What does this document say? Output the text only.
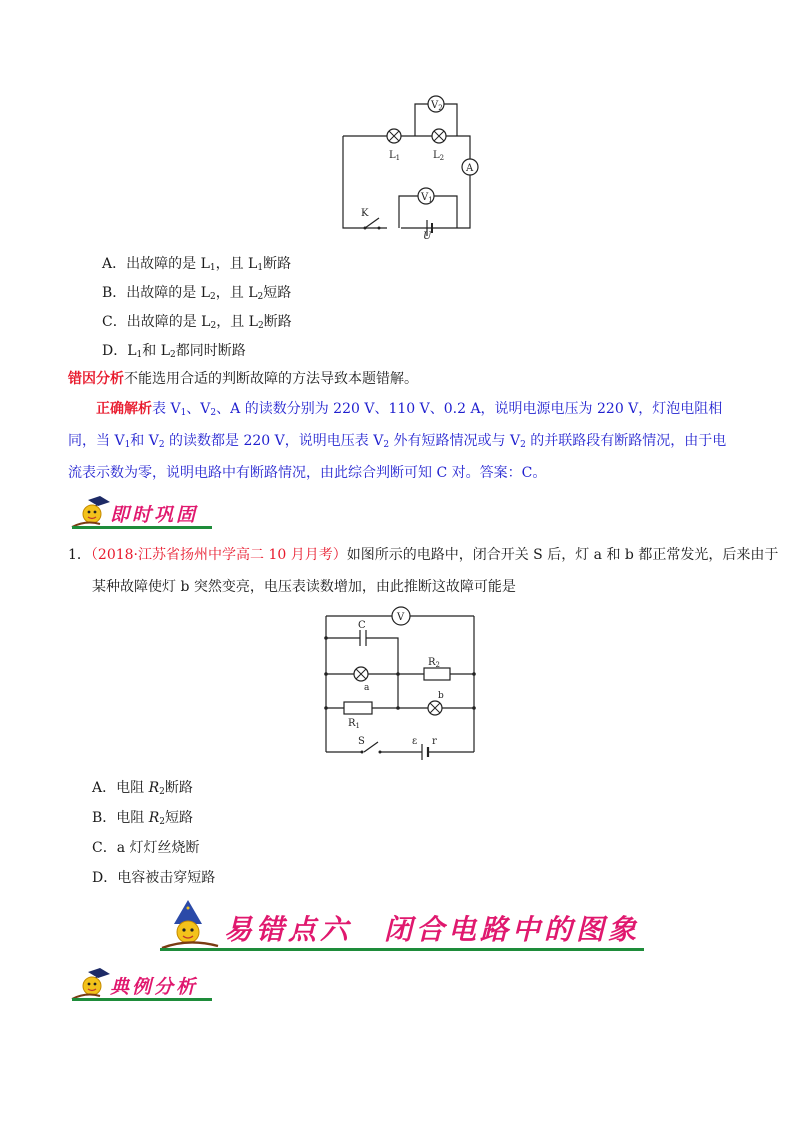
$V_2$
A
$V_1$
$L_1$	$L_2$
K
U
A．出故障的是 $L_1$，且 $L_1$断路
B．出故障的是 $L_2$，且 $L_2$短路
C．出故障的是 $L_2$，且 $L_2$断路
D．$L_1$和 $L_2$都同时断路
错因分析不能选用合适的判断故障的方法导致本题错解。
正确解析表 $V_1$、$V_2$、A 的读数分别为 220 V、110 V、0.2 A，说明电源电压为 220 V，灯泡电阻相同，当 $V_1$和 $V_2$ 的读数都是 220 V，说明电压表 $V_2$ 外有短路情况或与 $V_2$ 的并联路段有断路情况，由于电流表示数为零，说明电路中有断路情况，由此综合判断可知 C 对。答案：C。
即时巩固
1．（2018·江苏省扬州中学高二 10 月月考）如图所示的电路中，闭合开关 S 后，灯 a 和 b 都正常发光，后来由于
某种故障使灯 b 突然变亮，电压表读数增加，由此推断这故障可能是
V
C
$R_2$
a
b
$R_1$
S	ε r
A．电阻 $R_2$断路
B．电阻 $R_2$短路
C．a 灯灯丝烧断
D．电容被击穿短路
易错点六　闭合电路中的图象
典例分析
